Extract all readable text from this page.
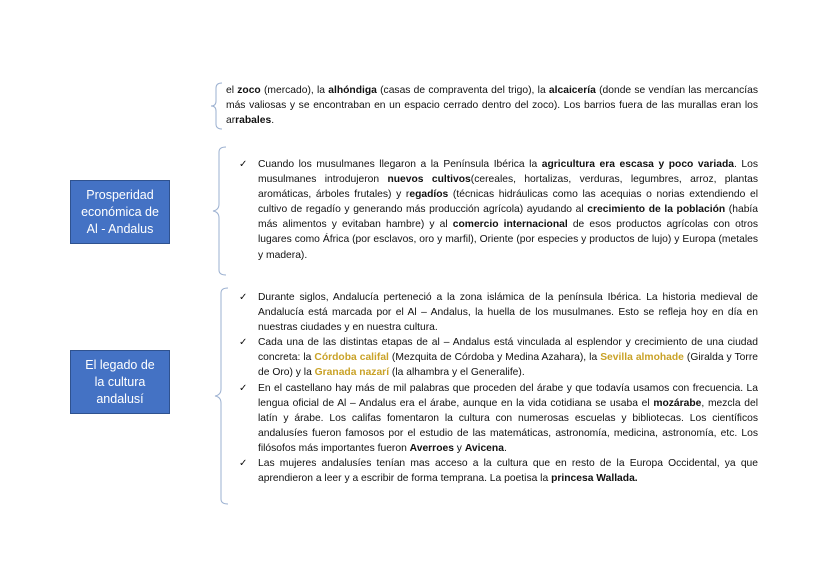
el zoco (mercado), la alhóndiga (casas de compraventa del trigo), la alcaicería (donde se vendían las mercancías más valiosas y se encontraban en un espacio cerrado dentro del zoco). Los barrios fuera de las murallas eran los arrabales.

Prosperidad
económica de
Al - Andalus
✓ Cuando los musulmanes llegaron a la Península Ibérica la agricultura era escasa y poco variada. Los musulmanes introdujeron nuevos cultivos(cereales, hortalizas, verduras, legumbres, arroz, plantas aromáticas, árboles frutales) y regadíos (técnicas hidráulicas como las acequias o norias extendiendo el cultivo de regadío y generando más producción agrícola) ayudando al crecimiento de la población (había más alimentos y evitaban hambre) y al comercio internacional de esos productos agrícolas con otros lugares como África (por esclavos, oro y marfil), Oriente (por especies y productos de lujo) y Europa (metales y madera).
El legado de
la cultura
andalusí
✓ Durante siglos, Andalucía perteneció a la zona islámica de la península Ibérica. La historia medieval de Andalucía está marcada por el Al – Andalus, la huella de los musulmanes. Esto se refleja hoy en día en nuestras ciudades y en nuestra cultura.
✓ Cada una de las distintas etapas de al – Andalus está vinculada al esplendor y crecimiento de una ciudad concreta: la Córdoba califal (Mezquita de Córdoba y Medina Azahara), la Sevilla almohade (Giralda y Torre de Oro) y la Granada nazarí (la alhambra y el Generalife).
✓ En el castellano hay más de mil palabras que proceden del árabe y que todavía usamos con frecuencia. La lengua oficial de Al – Andalus era el árabe, aunque en la vida cotidiana se usaba el mozárabe, mezcla del latín y árabe. Los califas fomentaron la cultura con numerosas escuelas y bibliotecas. Los científicos andalusíes fueron famosos por el estudio de las matemáticas, astronomía, medicina, astronomía, etc. Los filósofos más importantes fueron Averroes y Avicena.
✓ Las mujeres andalusíes tenían mas acceso a la cultura que en resto de la Europa Occidental, ya que aprendieron a leer y a escribir de forma temprana. La poetisa la princesa Wallada.
